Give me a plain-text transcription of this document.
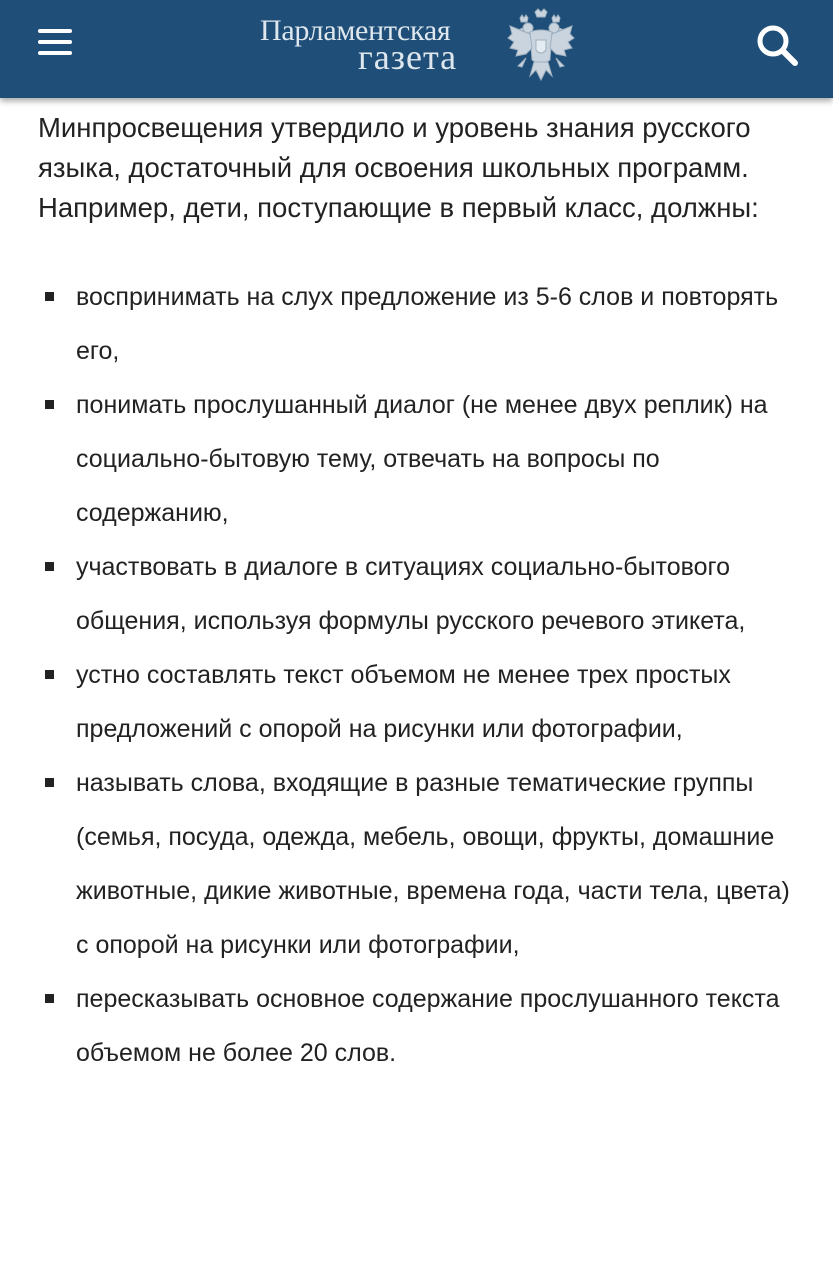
Парламентская
газета

Минпросвещения утвердило и уровень знания русского языка, достаточный для освоения школьных программ. Например, дети, поступающие в первый класс, должны:

воспринимать на слух предложение из 5-6 слов и повторять его,
понимать прослушанный диалог (не менее двух реплик) на социально-бытовую тему, отвечать на вопросы по содержанию,
участвовать в диалоге в ситуациях социально-бытового общения, используя формулы русского речевого этикета,
устно составлять текст объемом не менее трех простых предложений с опорой на рисунки или фотографии,
называть слова, входящие в разные тематические группы (семья, посуда, одежда, мебель, овощи, фрукты, домашние животные, дикие животные, времена года, части тела, цвета) с опорой на рисунки или фотографии,
пересказывать основное содержание прослушанного текста объемом не более 20 слов.
